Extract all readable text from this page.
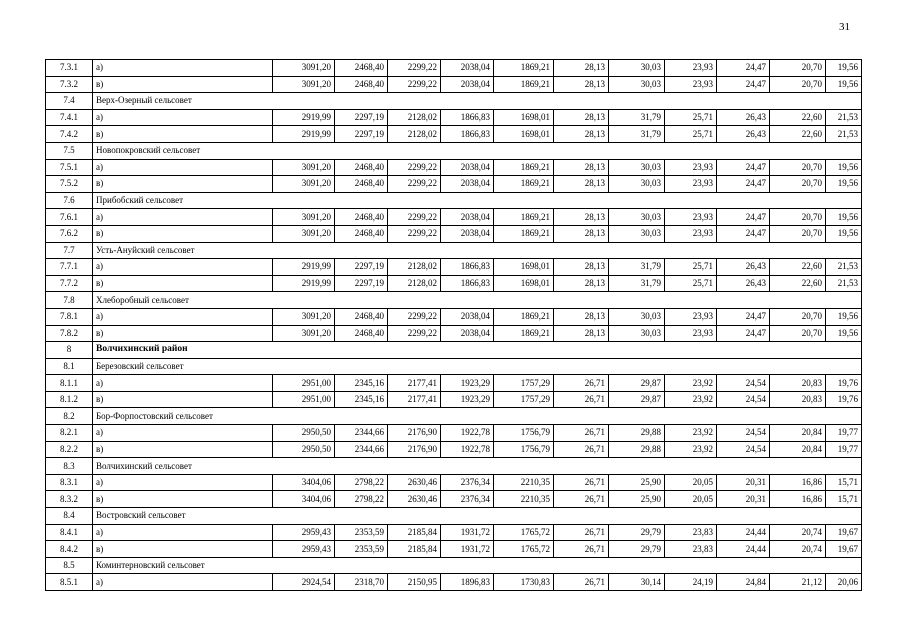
31
7.3.1	а)	3091,20	2468,40	2299,22	2038,04	1869,21	28,13	30,03	23,93	24,47	20,70	19,56
7.3.2	в)	3091,20	2468,40	2299,22	2038,04	1869,21	28,13	30,03	23,93	24,47	20,70	19,56
7.4	Верх-Озерный сельсовет											
7.4.1	а)	2919,99	2297,19	2128,02	1866,83	1698,01	28,13	31,79	25,71	26,43	22,60	21,53
7.4.2	в)	2919,99	2297,19	2128,02	1866,83	1698,01	28,13	31,79	25,71	26,43	22,60	21,53
7.5	Новопокровский сельсовет											
7.5.1	а)	3091,20	2468,40	2299,22	2038,04	1869,21	28,13	30,03	23,93	24,47	20,70	19,56
7.5.2	в)	3091,20	2468,40	2299,22	2038,04	1869,21	28,13	30,03	23,93	24,47	20,70	19,56
7.6	Прибобский сельсовет											
7.6.1	а)	3091,20	2468,40	2299,22	2038,04	1869,21	28,13	30,03	23,93	24,47	20,70	19,56
7.6.2	в)	3091,20	2468,40	2299,22	2038,04	1869,21	28,13	30,03	23,93	24,47	20,70	19,56
7.7	Усть-Ануйский сельсовет											
7.7.1	а)	2919,99	2297,19	2128,02	1866,83	1698,01	28,13	31,79	25,71	26,43	22,60	21,53
7.7.2	в)	2919,99	2297,19	2128,02	1866,83	1698,01	28,13	31,79	25,71	26,43	22,60	21,53
7.8	Хлеборобный сельсовет											
7.8.1	а)	3091,20	2468,40	2299,22	2038,04	1869,21	28,13	30,03	23,93	24,47	20,70	19,56
7.8.2	в)	3091,20	2468,40	2299,22	2038,04	1869,21	28,13	30,03	23,93	24,47	20,70	19,56
8	Волчихинский район											
8.1	Березовский сельсовет											
8.1.1	а)	2951,00	2345,16	2177,41	1923,29	1757,29	26,71	29,87	23,92	24,54	20,83	19,76
8.1.2	в)	2951,00	2345,16	2177,41	1923,29	1757,29	26,71	29,87	23,92	24,54	20,83	19,76
8.2	Бор-Форпостовский сельсовет											
8.2.1	а)	2950,50	2344,66	2176,90	1922,78	1756,79	26,71	29,88	23,92	24,54	20,84	19,77
8.2.2	в)	2950,50	2344,66	2176,90	1922,78	1756,79	26,71	29,88	23,92	24,54	20,84	19,77
8.3	Волчихинский сельсовет											
8.3.1	а)	3404,06	2798,22	2630,46	2376,34	2210,35	26,71	25,90	20,05	20,31	16,86	15,71
8.3.2	в)	3404,06	2798,22	2630,46	2376,34	2210,35	26,71	25,90	20,05	20,31	16,86	15,71
8.4	Востровский сельсовет											
8.4.1	а)	2959,43	2353,59	2185,84	1931,72	1765,72	26,71	29,79	23,83	24,44	20,74	19,67
8.4.2	в)	2959,43	2353,59	2185,84	1931,72	1765,72	26,71	29,79	23,83	24,44	20,74	19,67
8.5	Коминтерновский сельсовет											
8.5.1	а)	2924,54	2318,70	2150,95	1896,83	1730,83	26,71	30,14	24,19	24,84	21,12	20,06
